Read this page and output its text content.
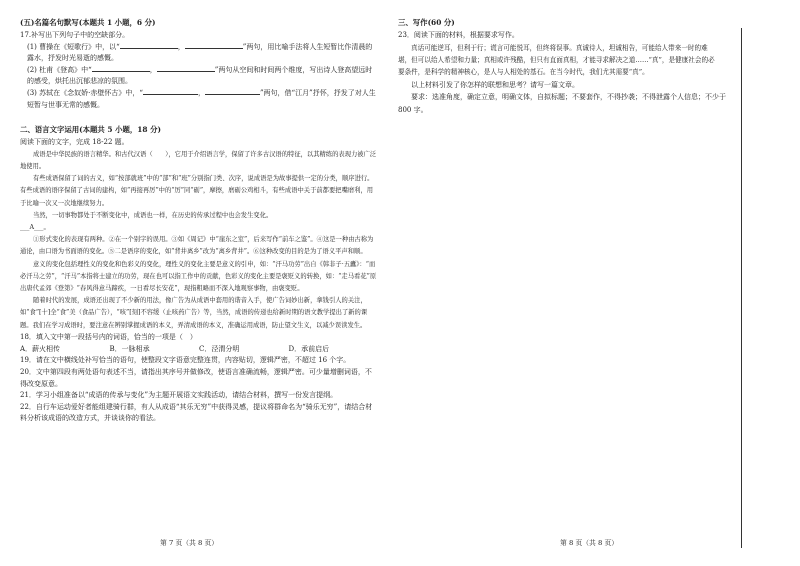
(五)名篇名句默写(本题共 1 小题，6 分)
17.补写出下列句子中的空缺部分。
(1) 曹操在《短歌行》中，以“	，	”两句，用比喻手法将人生短暂比作清晨的露水，抒发时光易逝的感慨。
(2) 杜甫《登高》中“	，	”两句从空间和时间两个维度，写出诗人登高望远时的感受，烘托出沉郁悲凉的氛围。
(3) 苏轼在《念奴娇·赤壁怀古》中，“	，	”两句，借“江月”抒怀，抒发了对人生短暂与世事无常的感慨。
二、语言文字运用(本题共 5 小题，18 分)
阅读下面的文字，完成 18-22 题。

成语是中华民族的语言精华。和古代汉语（　　），它用于介绍语言学，保留了许多古汉语的特征，以其精练的表现力被广泛地使用。

有些成语保留了词的古义，如“按部就班”中的“部”和“班”分别指门类、次序，说成语是为故事提供一定的分类，顺序进行。有些成语的语序保留了古词的建构，如“再接再厉”中的“厉”同“砺”，摩擦，磨砺公鸡相斗，有些成语中关于前都要把嘴磨利，用于比喻一次又一次地继续努力。

当然，一切事物都处于不断变化中，成语也一样，在历史的传承过程中也会发生变化。

___A___。

①形式变化的表现有两种。②在一个别字的误用。③如《周记》中“崖东之室”，后来写作“前车之鉴”。④这是一种由古称为通论，由口语为书面语的变化。⑤二是语序的变化，如“背井离乡”改为“离乡背井”。⑥这种改变的目的是为了语义平声和顺。

意义的变化包括理性义的变化和色彩义的变化，理性义的变化主要是意义的引申，如：“汗马功劳”出自《韩非子·五蠹》：“而必汗马之劳”，“汗马”本指将士建立的功劳，现在也可以指工作中的贡献，色彩义的变化主要是褒贬义的转换，如：“走马看花”原出唐代孟郊《登第》“春风得意马蹄疾，一日看尽长安花”，现指粗略而不深入地观察事物，由褒变贬。

随着时代的发展，成语还出现了不少新的用法，像广告为从成语中套用的谐音入手，使广告词妙出新，拿钱引人的关注，如“食”[十]全“食”美（食品广告），“咳”[刻]不容缓（止咳药广告）等，当然，成语的传递也给新时期的语文教学提出了新的课题。我们在学习成语时，要注意在辨别掌握成语的本义，弄清成语的本义，准确运用成语，防止望文生义，以减少误读发生。

18．填入文中第一段括号内的词语，恰当的一项是（　）
A．薪火相传	B．一脉相承	C．泾渭分明	D．承前启后
19．请在文中横线处补写恰当的语句，使整段文字语意完整连贯，内容贴切，逻辑严密，不超过 16 个字。
20．文中第四段有两处语句表述不当，请指出其序号并做修改，使语言准确流畅，逻辑严密。可少量增删词语，不得改变原意。
21．学习小组准备以“成语的传承与变化”为主题开展语文实践活动，请结合材料，撰写一份发言提纲。
22．自行车运动爱好者能组建骑行群，有人从成语“其乐无穷”中获得灵感，提议将群命名为“骑乐无穷”，请结合材料分析该成语的改造方式，并谈谈你的看法。
三、写作(60 分)
23．阅读下面的材料，根据要求写作。

真话可能逆耳，但利于行；谎言可能悦耳，但终将误事。真诚待人，坦诚相告，可能给人带来一时的难堪，但可以给人希望和力量；真相或许残酷，但只有直面真相，才能寻求解决之道……“真”，是健康社会的必要条件，是科学的精神核心，是人与人相处的基石。在当今时代，我们尤其需要“真”。

以上材料引发了你怎样的联想和思考？请写一篇文章。

要求：选准角度，确定立意，明确文体，自拟标题；不要套作，不得抄袭；不得泄露个人信息；不少于 800 字。

第 7 页（共 8 页）	第 8 页（共 8 页）
